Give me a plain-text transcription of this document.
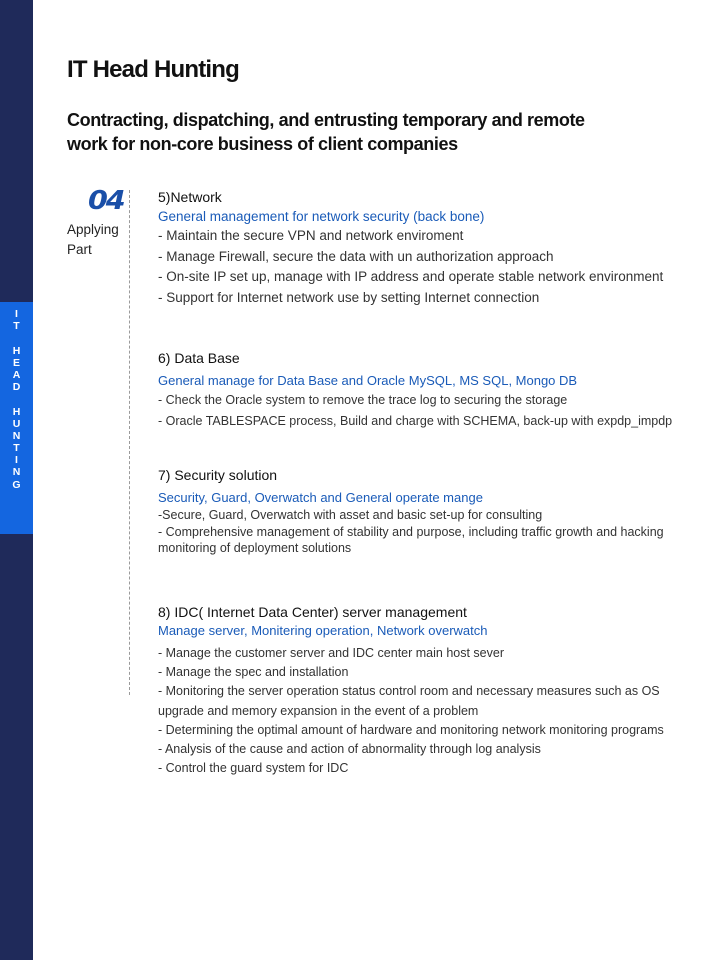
I
T
H
E
A
D
H
U
N
T
I
N
G
IT Head Hunting
Contracting, dispatching, and entrusting temporary and remote work for non-core business of client companies
04
Applying
Part
5)Network
General management for network security (back bone)
- Maintain the secure VPN and network enviroment
- Manage Firewall, secure the data with un authorization approach
- On-site IP set up, manage with IP address and operate stable network environment
- Support for Internet network use by setting Internet connection
6) Data Base
General manage for Data Base and Oracle MySQL, MS SQL, Mongo DB
- Check the Oracle system to remove the trace log to securing the storage
- Oracle TABLESPACE process, Build and charge with SCHEMA, back-up with expdp_impdp
7) Security solution
Security, Guard, Overwatch and General operate mange
-Secure, Guard, Overwatch with asset and basic set-up for consulting
- Comprehensive management of stability and purpose, including traffic growth and hacking monitoring of deployment solutions
8) IDC( Internet Data Center) server management
Manage server, Monitering operation, Network overwatch
- Manage the customer server and IDC center main host sever
- Manage the spec and installation
- Monitoring the server operation status control room and necessary measures such as OS upgrade and memory expansion in the event of a problem
- Determining the optimal amount of hardware and monitoring network monitoring programs
- Analysis of the cause and action of abnormality through log analysis
- Control the guard system for IDC
